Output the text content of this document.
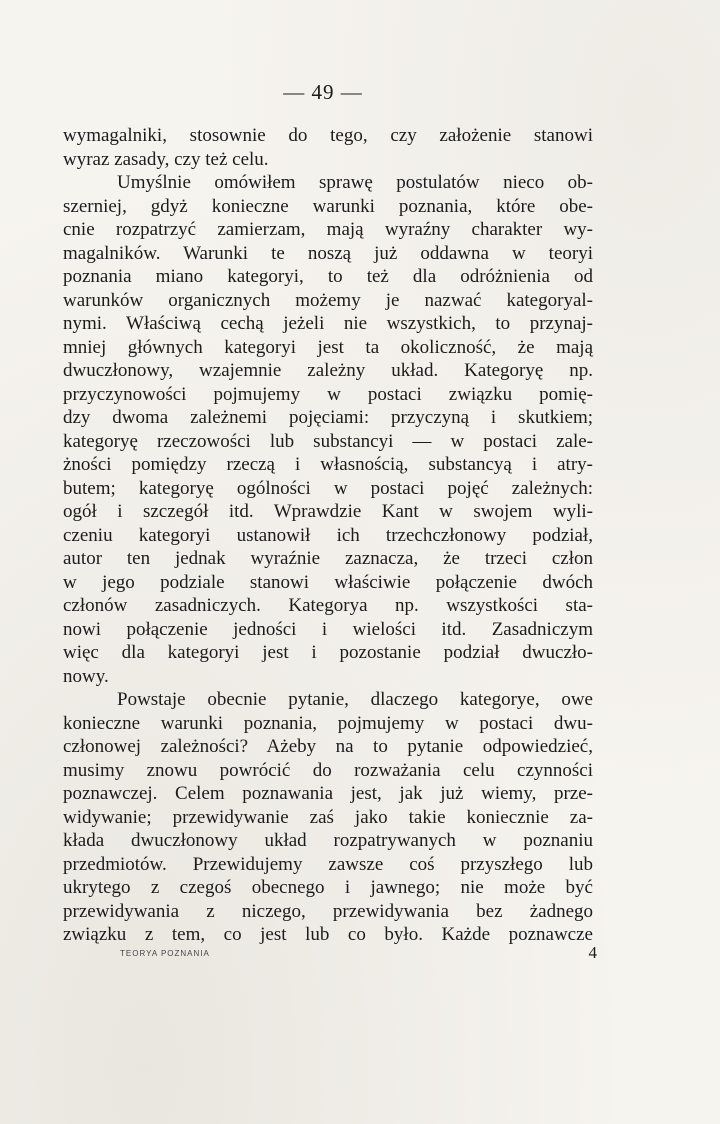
— 49 —
wymagalniki, stosownie do tego, czy założenie stanowi
wyraz zasady, czy też celu.
Umyślnie omówiłem sprawę postulatów nieco ob-
szerniej, gdyż konieczne warunki poznania, które obe-
cnie rozpatrzyć zamierzam, mają wyraźny charakter wy-
magalników. Warunki te noszą już oddawna w teoryi
poznania miano kategoryi, to też dla odróżnienia od
warunków organicznych możemy je nazwać kategoryal-
nymi. Właściwą cechą jeżeli nie wszystkich, to przynaj-
mniej głównych kategoryi jest ta okoliczność, że mają
dwuczłonowy, wzajemnie zależny układ. Kategoryę np.
przyczynowości pojmujemy w postaci związku pomię-
dzy dwoma zależnemi pojęciami: przyczyną i skutkiem;
kategoryę rzeczowości lub substancyi — w postaci zale-
żności pomiędzy rzeczą i własnością, substancyą i atry-
butem; kategoryę ogólności w postaci pojęć zależnych:
ogół i szczegół itd. Wprawdzie Kant w swojem wyli-
czeniu kategoryi ustanowił ich trzechczłonowy podział,
autor ten jednak wyraźnie zaznacza, że trzeci człon
w jego podziale stanowi właściwie połączenie dwóch
członów zasadniczych. Kategorya np. wszystkości sta-
nowi połączenie jedności i wielości itd. Zasadniczym
więc dla kategoryi jest i pozostanie podział dwuczło-
nowy.
Powstaje obecnie pytanie, dlaczego kategorye, owe
konieczne warunki poznania, pojmujemy w postaci dwu-
członowej zależności? Ażeby na to pytanie odpowiedzieć,
musimy znowu powrócić do rozważania celu czynności
poznawczej. Celem poznawania jest, jak już wiemy, prze-
widywanie; przewidywanie zaś jako takie koniecznie za-
kłada dwuczłonowy układ rozpatrywanych w poznaniu
przedmiotów. Przewidujemy zawsze coś przyszłego lub
ukrytego z czegoś obecnego i jawnego; nie może być
przewidywania z niczego, przewidywania bez żadnego
związku z tem, co jest lub co było. Każde poznawcze
TEORYA POZNANIA	4
